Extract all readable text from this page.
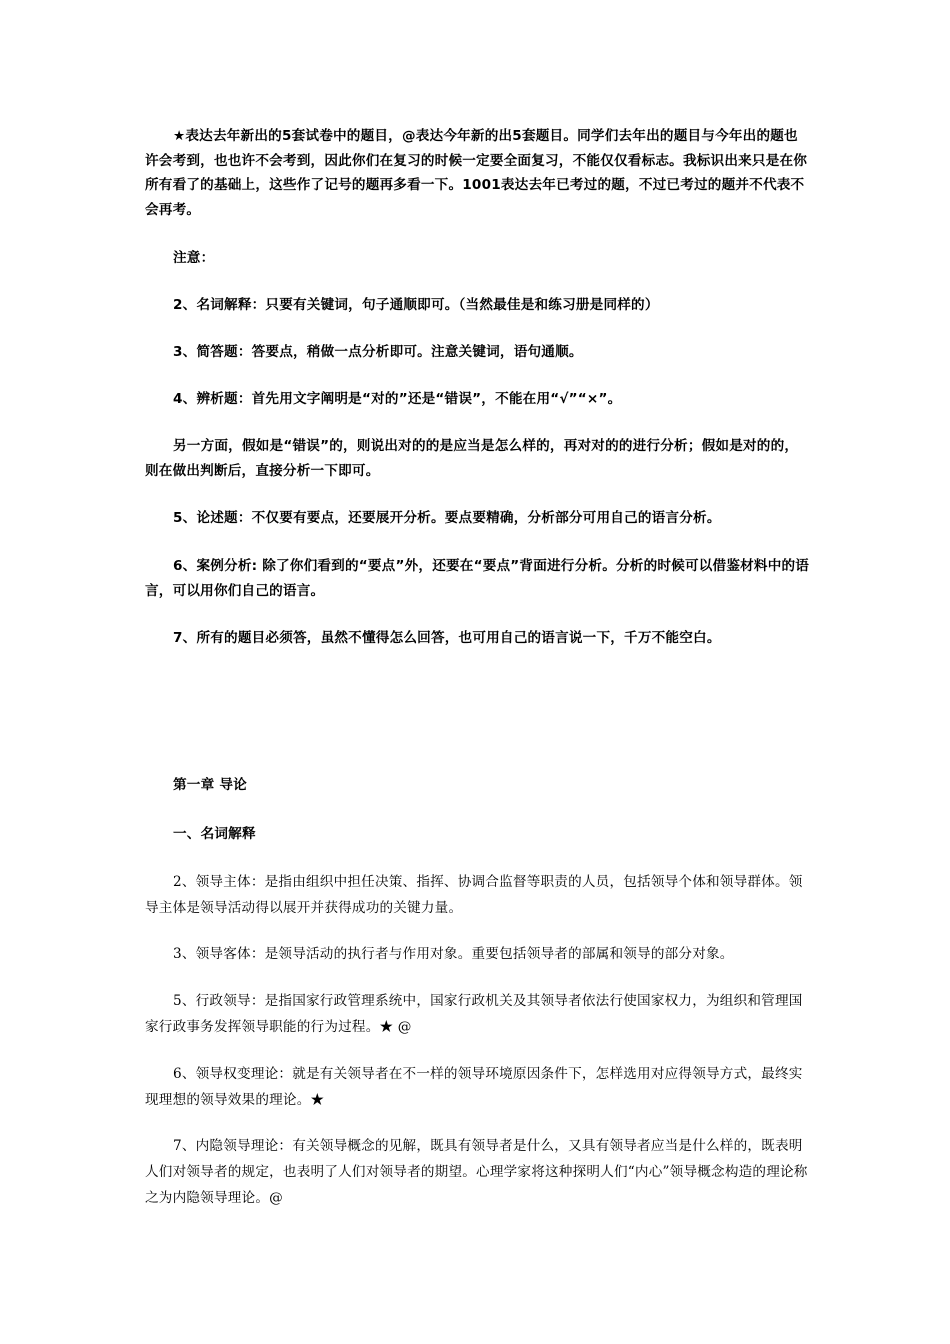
★表达去年新出的5套试卷中的题目，@表达今年新的出5套题目。同学们去年出的题目与今年出的题也许会考到，也也许不会考到，因此你们在复习的时候一定要全面复习，不能仅仅看标志。我标识出来只是在你所有看了的基础上，这些作了记号的题再多看一下。1001表达去年已考过的题，不过已考过的题并不代表不会再考。

注意：

2、名词解释：只要有关键词，句子通顺即可。（当然最佳是和练习册是同样的）

3、简答题：答要点，稍做一点分析即可。注意关键词，语句通顺。

4、辨析题：首先用文字阐明是“对的”还是“错误”，不能在用“√”“×”。

另一方面，假如是“错误”的，则说出对的的是应当是怎么样的，再对对的的进行分析；假如是对的的，则在做出判断后，直接分析一下即可。

5、论述题：不仅要有要点，还要展开分析。要点要精确，分析部分可用自己的语言分析。

6、案例分析: 除了你们看到的“要点”外，还要在“要点”背面进行分析。分析的时候可以借鉴材料中的语言，可以用你们自己的语言。

7、所有的题目必须答，虽然不懂得怎么回答，也可用自己的语言说一下，千万不能空白。

第一章 导论

一、名词解释

2、领导主体：是指由组织中担任决策、指挥、协调合监督等职责的人员，包括领导个体和领导群体。领导主体是领导活动得以展开并获得成功的关键力量。

3、领导客体：是领导活动的执行者与作用对象。重要包括领导者的部属和领导的部分对象。

5、行政领导：是指国家行政管理系统中，国家行政机关及其领导者依法行使国家权力，为组织和管理国家行政事务发挥领导职能的行为过程。★ @

6、领导权变理论：就是有关领导者在不一样的领导环境原因条件下，怎样选用对应得领导方式，最终实现理想的领导效果的理论。★

7、内隐领导理论：有关领导概念的见解，既具有领导者是什么，又具有领导者应当是什么样的，既表明人们对领导者的规定，也表明了人们对领导者的期望。心理学家将这种探明人们“内心”领导概念构造的理论称之为内隐领导理论。@
